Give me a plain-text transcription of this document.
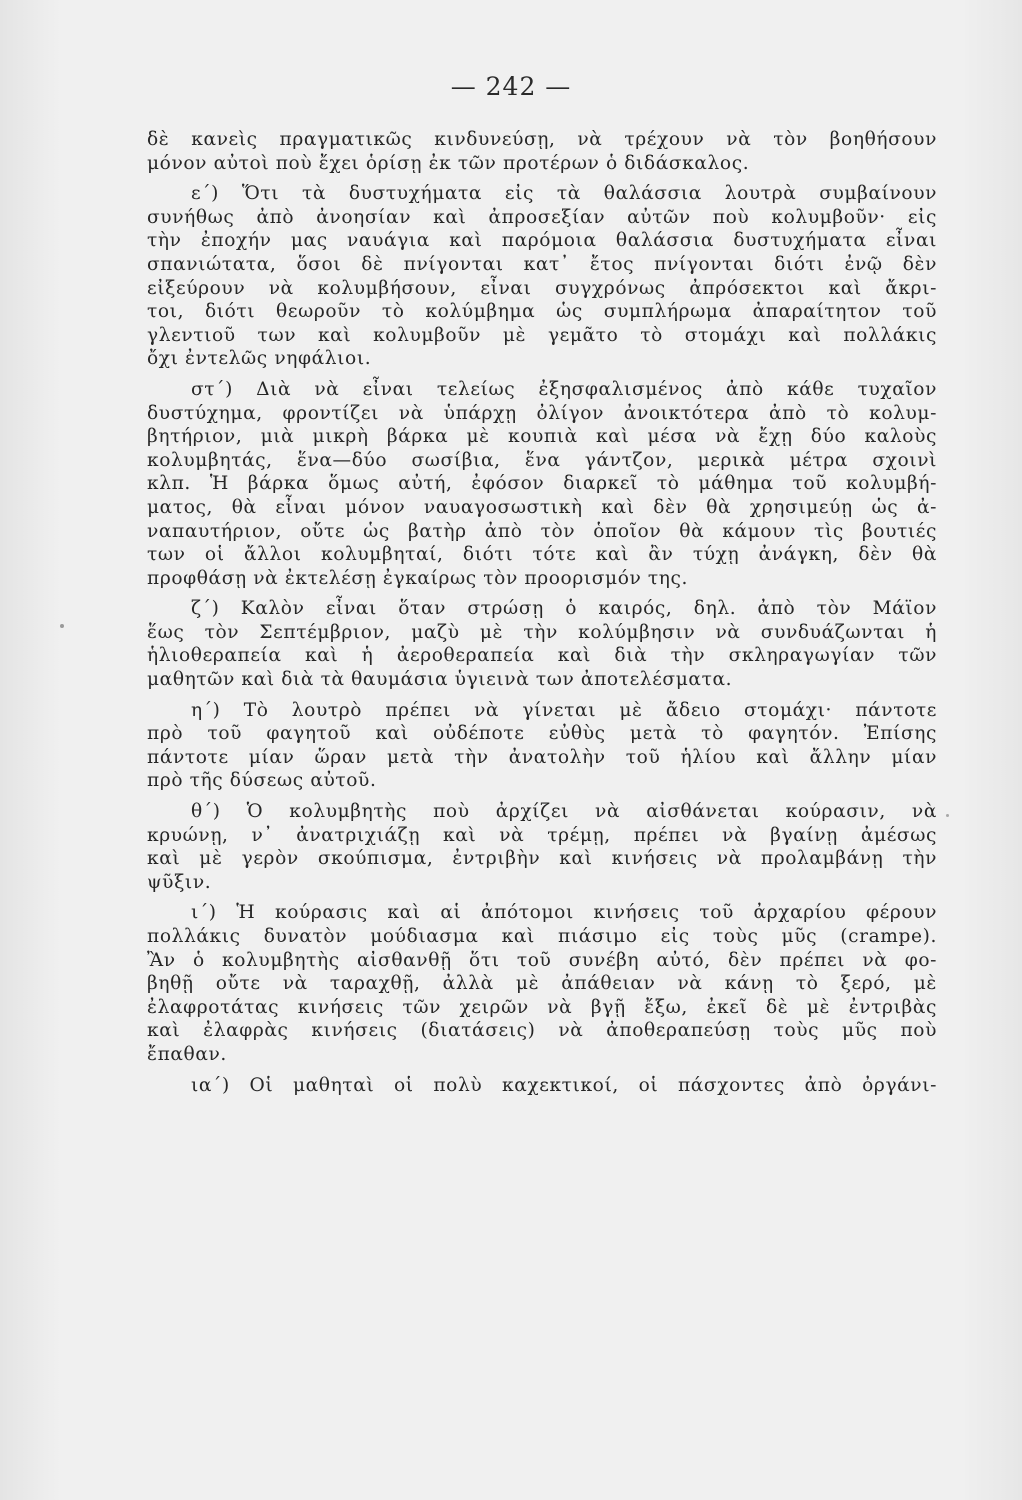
— 242 —
δὲ κανεὶς πραγματικῶς κινδυνεύσῃ, νὰ τρέχουν νὰ τὸν βοηθήσουν
μόνον αὐτοὶ ποὺ ἔχει ὁρίσῃ ἐκ τῶν προτέρων ὁ διδάσκαλος.
ε΄) Ὅτι τὰ δυστυχήματα εἰς τὰ θαλάσσια λουτρὰ συμβαίνουν
συνήθως ἀπὸ ἀνοησίαν καὶ ἀπροσεξίαν αὐτῶν ποὺ κολυμβοῦν· εἰς
τὴν ἐποχήν μας ναυάγια καὶ παρόμοια θαλάσσια δυστυχήματα εἶναι
σπανιώτατα, ὅσοι δὲ πνίγονται κατ᾽ ἔτος πνίγονται διότι ἐνῷ δὲν
εἰξεύρουν νὰ κολυμβήσουν, εἶναι συγχρόνως ἀπρόσεκτοι καὶ ἄκρι-
τοι, διότι θεωροῦν τὸ κολύμβημα ὡς συμπλήρωμα ἀπαραίτητον τοῦ
γλεντιοῦ των καὶ κολυμβοῦν μὲ γεμᾶτο τὸ στομάχι καὶ πολλάκις
ὄχι ἐντελῶς νηφάλιοι.
στ΄) Διὰ νὰ εἶναι τελείως ἐξησφαλισμένος ἀπὸ κάθε τυχαῖον
δυστύχημα, φροντίζει νὰ ὑπάρχῃ ὀλίγον ἀνοικτότερα ἀπὸ τὸ κολυμ-
βητήριον, μιὰ μικρὴ βάρκα μὲ κουπιὰ καὶ μέσα νὰ ἔχῃ δύο καλοὺς
κολυμβητάς, ἕνα—δύο σωσίβια, ἕνα γάντζον, μερικὰ μέτρα σχοινὶ
κλπ. Ἡ βάρκα ὅμως αὐτή, ἐφόσον διαρκεῖ τὸ μάθημα τοῦ κολυμβή-
ματος, θὰ εἶναι μόνον ναυαγοσωστικὴ καὶ δὲν θὰ χρησιμεύῃ ὡς ἀ-
ναπαυτήριον, οὔτε ὡς βατὴρ ἀπὸ τὸν ὁποῖον θὰ κάμουν τὶς βουτιές
των οἱ ἄλλοι κολυμβηταί, διότι τότε καὶ ἂν τύχῃ ἀνάγκη, δὲν θὰ
προφθάσῃ νὰ ἐκτελέσῃ ἐγκαίρως τὸν προορισμόν της.
ζ΄) Καλὸν εἶναι ὅταν στρώσῃ ὁ καιρός, δηλ. ἀπὸ τὸν Μάϊον
ἕως τὸν Σεπτέμβριον, μαζὺ μὲ τὴν κολύμβησιν νὰ συνδυάζωνται ἡ
ἡλιοθεραπεία καὶ ἡ ἀεροθεραπεία καὶ διὰ τὴν σκληραγωγίαν τῶν
μαθητῶν καὶ διὰ τὰ θαυμάσια ὑγιεινὰ των ἀποτελέσματα.
η΄) Τὸ λουτρὸ πρέπει νὰ γίνεται μὲ ἄδειο στομάχι· πάντοτε
πρὸ τοῦ φαγητοῦ καὶ οὐδέποτε εὐθὺς μετὰ τὸ φαγητόν. Ἐπίσης
πάντοτε μίαν ὥραν μετὰ τὴν ἀνατολὴν τοῦ ἡλίου καὶ ἄλλην μίαν
πρὸ τῆς δύσεως αὐτοῦ.
θ΄) Ὁ κολυμβητὴς ποὺ ἀρχίζει νὰ αἰσθάνεται κούρασιν, νὰ
κρυώνῃ, ν᾽ ἀνατριχιάζῃ καὶ νὰ τρέμῃ, πρέπει νὰ βγαίνῃ ἀμέσως
καὶ μὲ γερὸν σκούπισμα, ἐντριβὴν καὶ κινήσεις νὰ προλαμβάνῃ τὴν
ψῦξιν.
ι΄) Ἡ κούρασις καὶ αἱ ἀπότομοι κινήσεις τοῦ ἀρχαρίου φέρουν
πολλάκις δυνατὸν μούδιασμα καὶ πιάσιμο εἰς τοὺς μῦς (crampe).
Ἂν ὁ κολυμβητὴς αἰσθανθῇ ὅτι τοῦ συνέβη αὐτό, δὲν πρέπει νὰ φο-
βηθῇ οὔτε νὰ ταραχθῇ, ἀλλὰ μὲ ἀπάθειαν νὰ κάνῃ τὸ ξερό, μὲ
ἐλαφροτάτας κινήσεις τῶν χειρῶν νὰ βγῇ ἔξω, ἐκεῖ δὲ μὲ ἐντριβὰς
καὶ ἐλαφρὰς κινήσεις (διατάσεις) νὰ ἀποθεραπεύσῃ τοὺς μῦς ποὺ
ἔπαθαν.
ια΄) Οἱ μαθηταὶ οἱ πολὺ καχεκτικοί, οἱ πάσχοντες ἀπὸ ὀργάνι-
